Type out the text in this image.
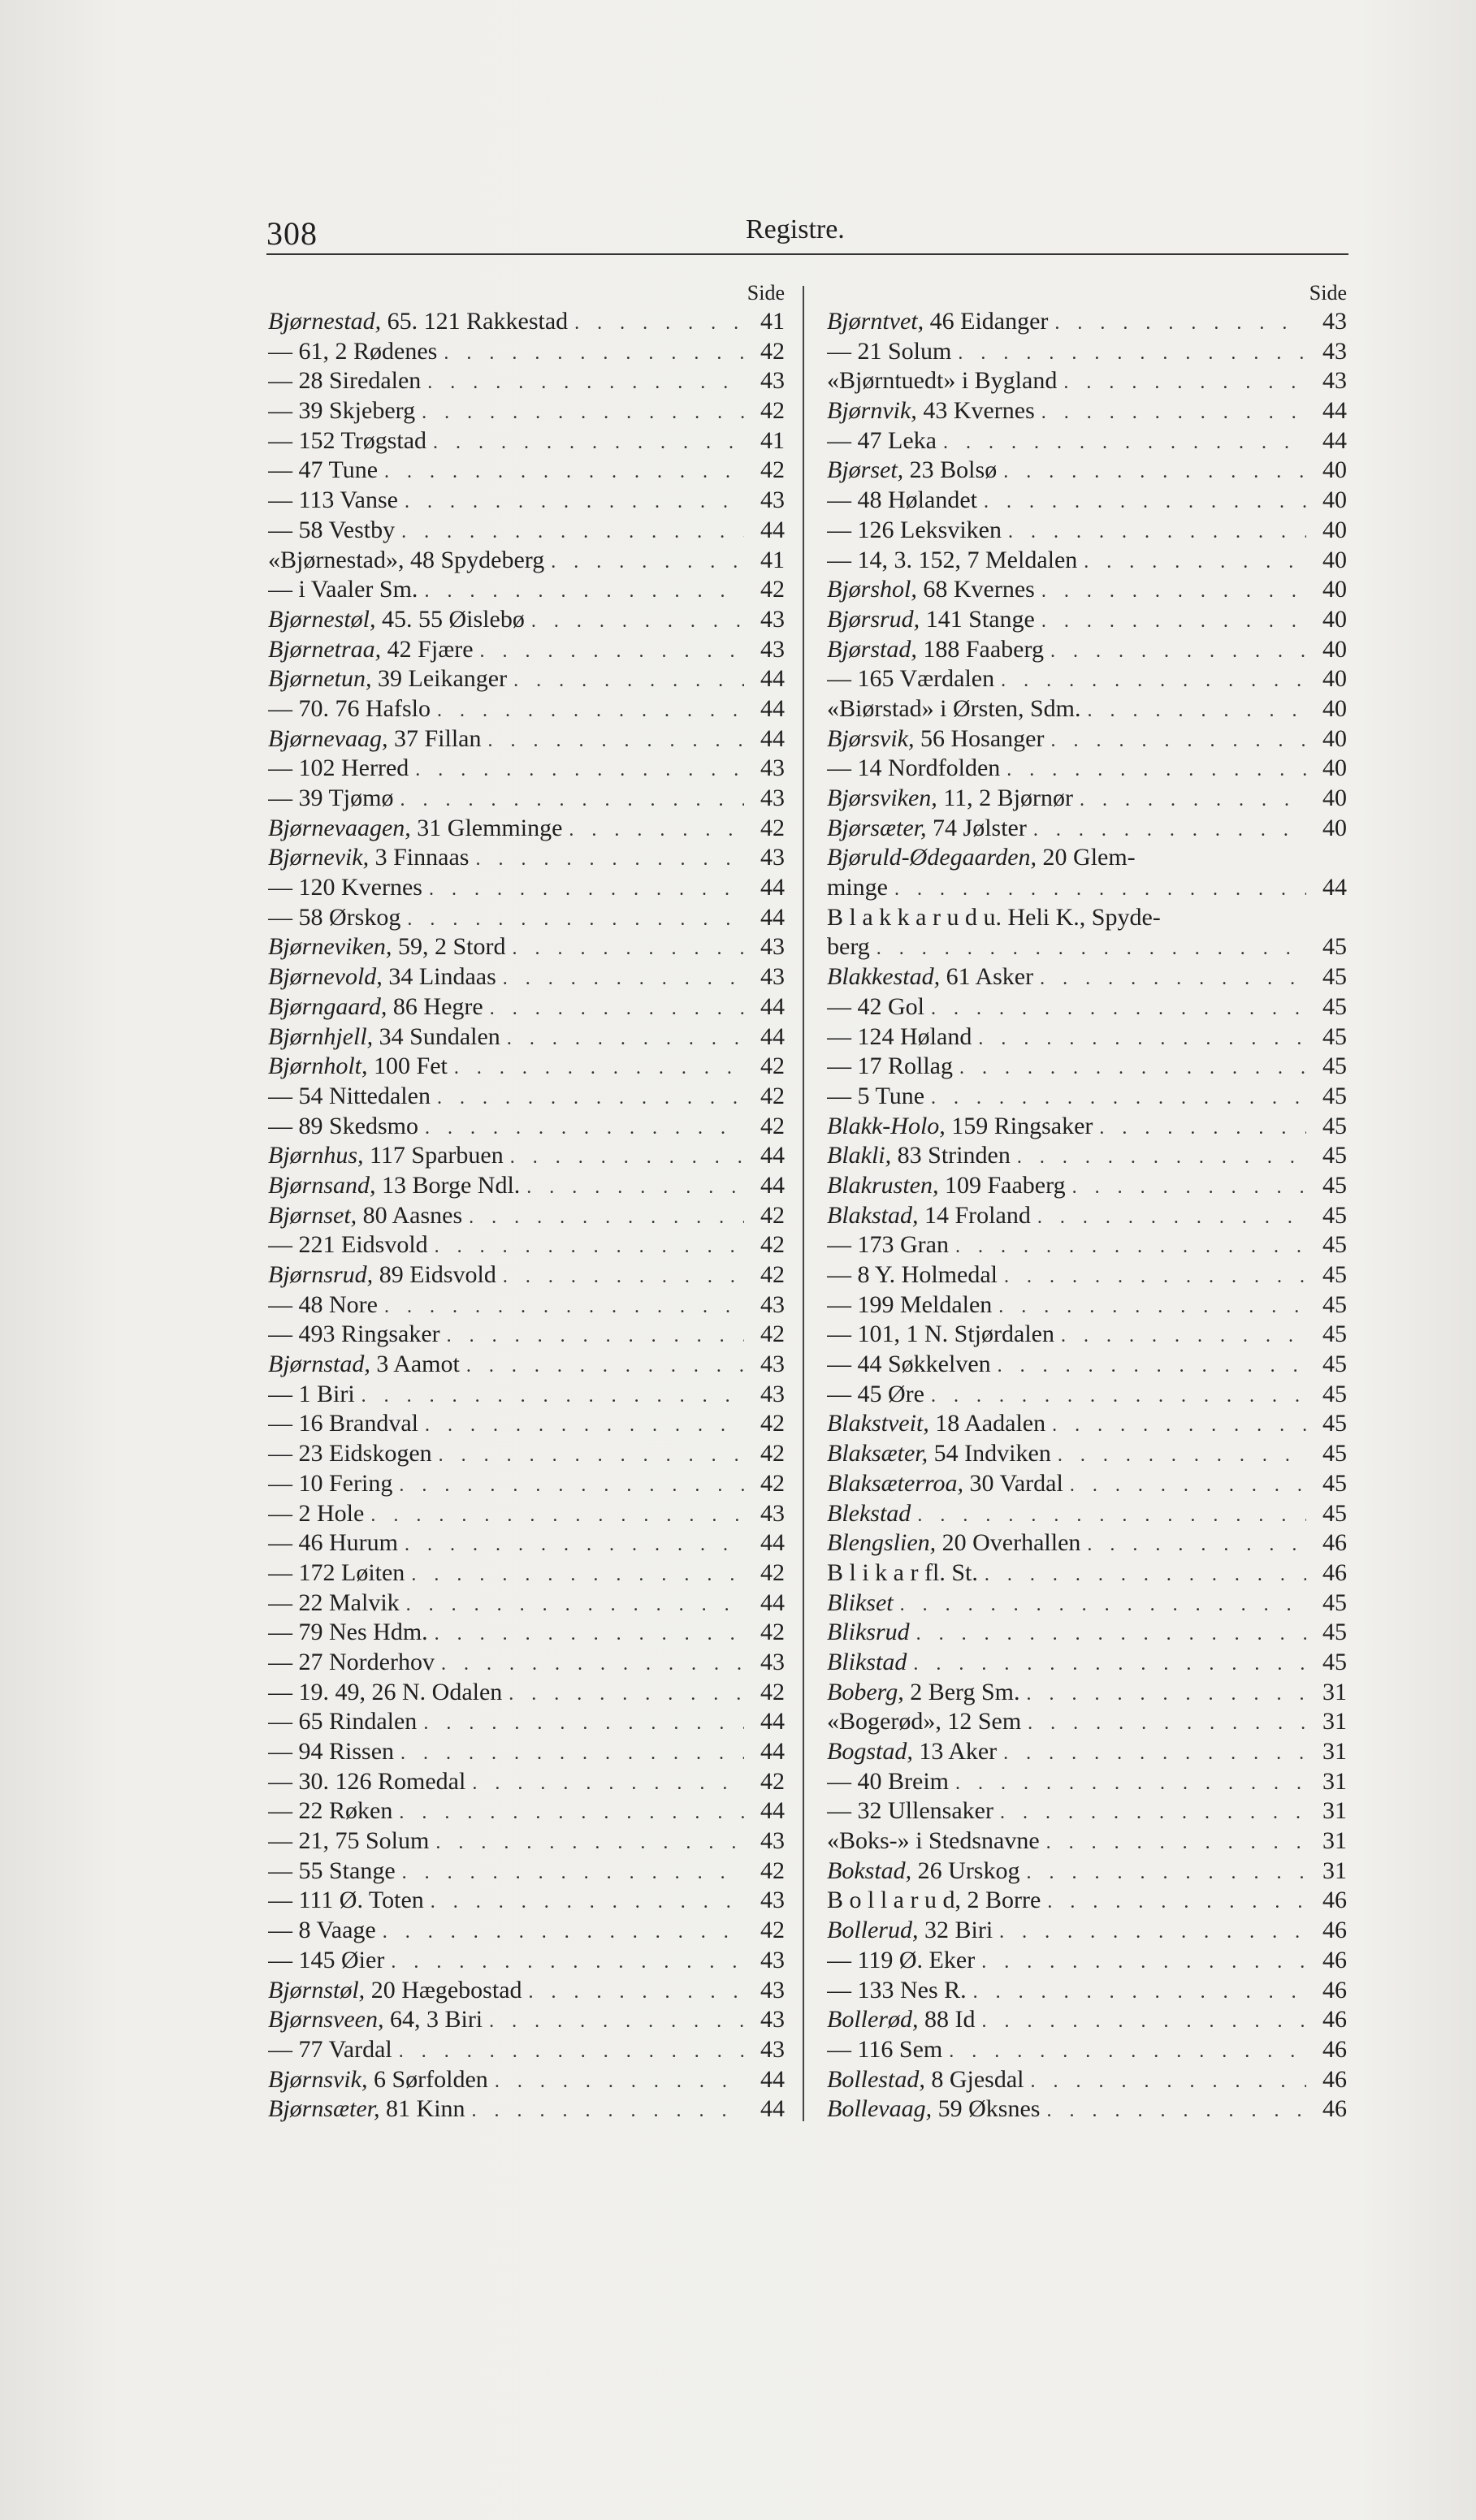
308	Registre.
Side
Bjørnestad, 65. 121 Rakkestad . . .	41
— 61, 2 Rødenes . . .	42
— 28 Siredalen . . .	43
— 39 Skjeberg . . .	42
— 152 Trøgstad . . .	41
— 47 Tune . . .	42
— 113 Vanse . . .	43
— 58 Vestby . . .	44
«Bjørnestad», 48 Spydeberg . . .	41
— i Vaaler Sm. . . .	42
Bjørnestøl, 45. 55 Øislebø . . .	43
Bjørnetraa, 42 Fjære . . .	43
Bjørnetun, 39 Leikanger . . .	44
— 70. 76 Hafslo . . .	44
Bjørnevaag, 37 Fillan . . .	44
— 102 Herred . . .	43
— 39 Tjømø . . .	43
Bjørnevaagen, 31 Glemminge . . .	42
Bjørnevik, 3 Finnaas . . .	43
— 120 Kvernes . . .	44
— 58 Ørskog . . .	44
Bjørneviken, 59, 2 Stord . . .	43
Bjørnevold, 34 Lindaas . . .	43
Bjørngaard, 86 Hegre . . .	44
Bjørnhjell, 34 Sundalen . . .	44
Bjørnholt, 100 Fet . . .	42
— 54 Nittedalen . . .	42
— 89 Skedsmo . . .	42
Bjørnhus, 117 Sparbuen . . .	44
Bjørnsand, 13 Borge Ndl. . . .	44
Bjørnset, 80 Aasnes . . .	42
— 221 Eidsvold . . .	42
Bjørnsrud, 89 Eidsvold . . .	42
— 48 Nore . . .	43
— 493 Ringsaker . . .	42
Bjørnstad, 3 Aamot . . .	43
— 1 Biri . . .	43
— 16 Brandval . . .	42
— 23 Eidskogen . . .	42
— 10 Fering . . .	42
— 2 Hole . . .	43
— 46 Hurum . . .	44
— 172 Løiten . . .	42
— 22 Malvik . . .	44
— 79 Nes Hdm. . . .	42
— 27 Norderhov . . .	43
— 19. 49, 26 N. Odalen . . .	42
— 65 Rindalen . . .	44
— 94 Rissen . . .	44
— 30. 126 Romedal . . .	42
— 22 Røken . . .	44
— 21, 75 Solum . . .	43
— 55 Stange . . .	42
— 111 Ø. Toten . . .	43
— 8 Vaage . . .	42
— 145 Øier . . .	43
Bjørnstøl, 20 Hægebostad . . .	43
Bjørnsveen, 64, 3 Biri . . .	43
— 77 Vardal . . .	43
Bjørnsvik, 6 Sørfolden . . .	44
Bjørnsæter, 81 Kinn . . .	44
Side
Bjørntvet, 46 Eidanger . . .	43
— 21 Solum . . .	43
«Bjørntuedt» i Bygland . . .	43
Bjørnvik, 43 Kvernes . . .	44
— 47 Leka . . .	44
Bjørset, 23 Bolsø . . .	40
— 48 Hølandet . . .	40
— 126 Leksviken . . .	40
— 14, 3. 152, 7 Meldalen . . .	40
Bjørshol, 68 Kvernes . . .	40
Bjørsrud, 141 Stange . . .	40
Bjørstad, 188 Faaberg . . .	40
— 165 Værdalen . . .	40
«Biørstad» i Ørsten, Sdm. . . .	40
Bjørsvik, 56 Hosanger . . .	40
— 14 Nordfolden . . .	40
Bjørsviken, 11, 2 Bjørnør . . .	40
Bjørsæter, 74 Jølster . . .	40
Bjøruld-Ødegaarden, 20 Glem-
minge . . .	44
B l a k k a r u d u. Heli K., Spyde-
berg . . .	45
Blakkestad, 61 Asker . . .	45
— 42 Gol . . .	45
— 124 Høland . . .	45
— 17 Rollag . . .	45
— 5 Tune . . .	45
Blakk-Holo, 159 Ringsaker . . .	45
Blakli, 83 Strinden . . .	45
Blakrusten, 109 Faaberg . . .	45
Blakstad, 14 Froland . . .	45
— 173 Gran . . .	45
— 8 Y. Holmedal . . .	45
— 199 Meldalen . . .	45
— 101, 1 N. Stjørdalen . . .	45
— 44 Søkkelven . . .	45
— 45 Øre . . .	45
Blakstveit, 18 Aadalen . . .	45
Blaksæter, 54 Indviken . . .	45
Blaksæterroa, 30 Vardal . . .	45
Blekstad . . .	45
Blengslien, 20 Overhallen . . .	46
B l i k a r fl. St. . . .	46
Blikset . . .	45
Bliksrud . . .	45
Blikstad . . .	45
Boberg, 2 Berg Sm. . . .	31
«Bogerød», 12 Sem . . .	31
Bogstad, 13 Aker . . .	31
— 40 Breim . . .	31
— 32 Ullensaker . . .	31
«Boks-» i Stedsnavne . . .	31
Bokstad, 26 Urskog . . .	31
B o l l a r u d, 2 Borre . . .	46
Bollerud, 32 Biri . . .	46
— 119 Ø. Eker . . .	46
— 133 Nes R. . . .	46
Bollerød, 88 Id . . .	46
— 116 Sem . . .	46
Bollestad, 8 Gjesdal . . .	46
Bollevaag, 59 Øksnes . . .	46
